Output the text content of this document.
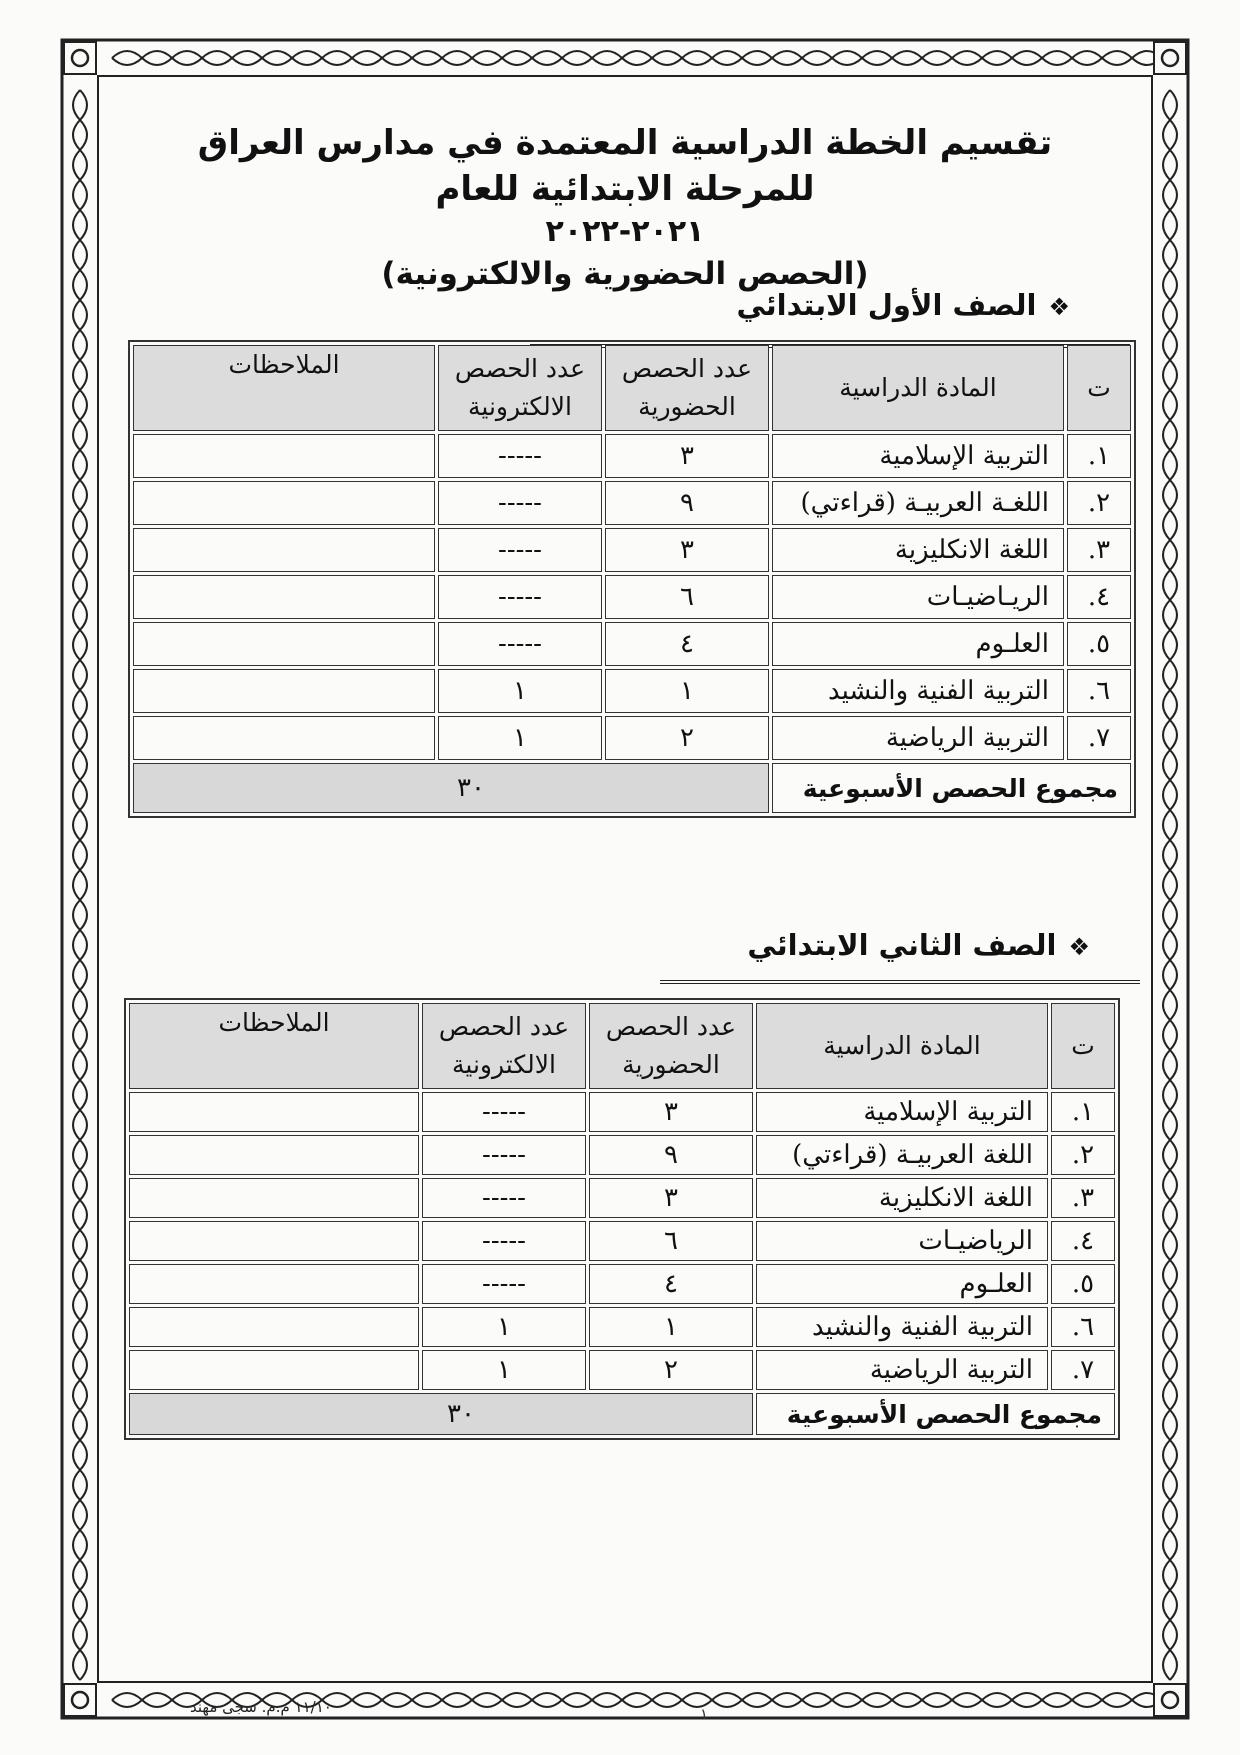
تقسيم الخطة الدراسية المعتمدة في مدارس العراق للمرحلة الابتدائية للعام
٢٠٢١-٢٠٢٢
(الحصص الحضورية والالكترونية)
❖الصف الأول الابتدائي
ت	المادة الدراسية	عدد الحصص الحضورية	عدد الحصص الالكترونية	الملاحظات
١.	التربية الإسلامية	٣	-----	
٢.	اللغـة العربيـة (قراءتي)	٩	-----	
٣.	اللغة الانكليزية	٣	-----	
٤.	الريـاضيـات	٦	-----	
٥.	العلـوم	٤	-----	
٦.	التربية الفنية والنشيد	١	١	
٧.	التربية الرياضية	٢	١	
مجموع الحصص الأسبوعية		٣٠		
❖الصف الثاني الابتدائي
ت	المادة الدراسية	عدد الحصص الحضورية	عدد الحصص الالكترونية	الملاحظات
١.	التربية الإسلامية	٣	-----	
٢.	اللغة العربيـة (قراءتي)	٩	-----	
٣.	اللغة الانكليزية	٣	-----	
٤.	الرياضيـات	٦	-----	
٥.	العلـوم	٤	-----	
٦.	التربية الفنية والنشيد	١	١	
٧.	التربية الرياضية	٢	١	
مجموع الحصص الأسبوعية		٣٠		
١١/١٠ م.م. سجى مهند	١
